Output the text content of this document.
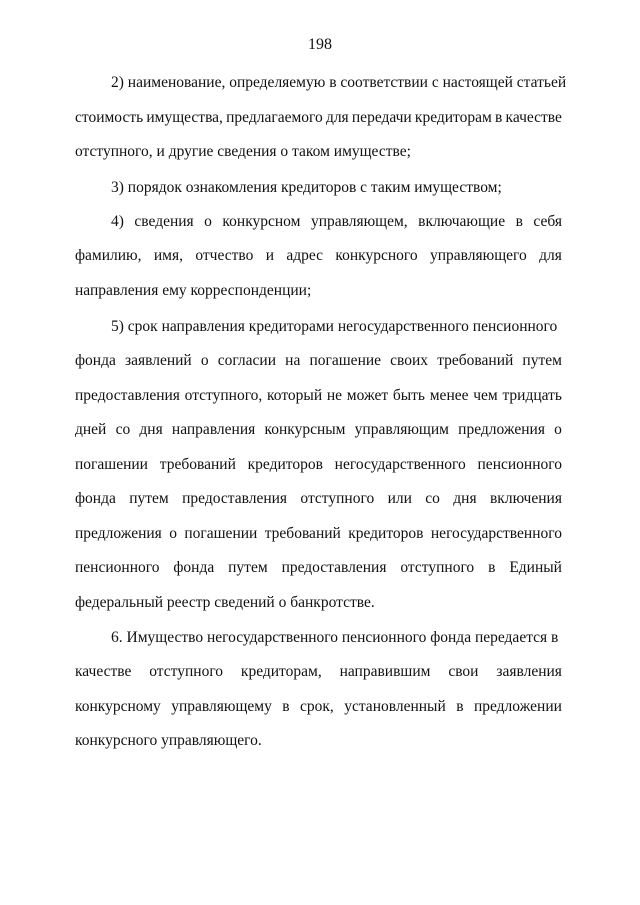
198
2) наименование, определяемую в соответствии с настоящей статьей
стоимость имущества, предлагаемого для передачи кредиторам в качестве
отступного, и другие сведения о таком имуществе;
3) порядок ознакомления кредиторов с таким имуществом;
4) сведения о конкурсном управляющем, включающие в себя
фамилию, имя, отчество и адрес конкурсного управляющего для
направления ему корреспонденции;
5) срок направления кредиторами негосударственного пенсионного
фонда заявлений о согласии на погашение своих требований путем
предоставления отступного, который не может быть менее чем тридцать
дней со дня направления конкурсным управляющим предложения о
погашении требований кредиторов негосударственного пенсионного
фонда путем предоставления отступного или со дня включения
предложения о погашении требований кредиторов негосударственного
пенсионного фонда путем предоставления отступного в Единый
федеральный реестр сведений о банкротстве.
6. Имущество негосударственного пенсионного фонда передается в
качестве отступного кредиторам, направившим свои заявления
конкурсному управляющему в срок, установленный в предложении
конкурсного управляющего.
